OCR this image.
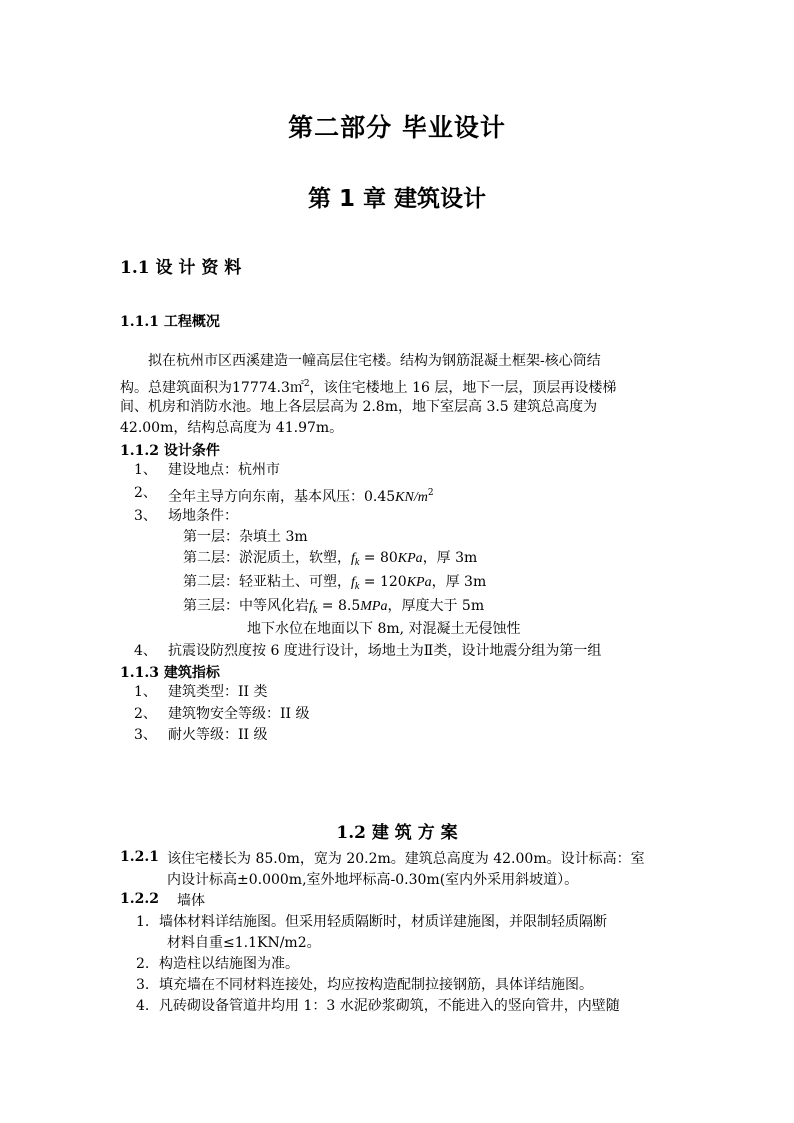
第二部分 毕业设计
第 1 章 建筑设计
1.1 设 计 资 料
1.1.1 工程概况
拟在杭州市区西溪建造一幢高层住宅楼。结构为钢筋混凝土框架-核心筒结
构。总建筑面积为17774.3㎡$^2$，该住宅楼地上 16 层，地下一层，顶层再设楼梯
间、机房和消防水池。地上各层层高为 2.8m，地下室层高 3.5 建筑总高度为
42.00m，结构总高度为 41.97m。
1.1.2 设计条件
1、 建设地点：杭州市
2、 全年主导方向东南，基本风压：$0.45KN/m^2$
3、 场地条件：
第一层：杂填土 3m
第二层：淤泥质土，软塑，$f_k = 80KPa$，厚 3m
第二层：轻亚粘土、可塑，$f_k = 120KPa$，厚 3m
第三层：中等风化岩$f_k = 8.5MPa$，厚度大于 5m
地下水位在地面以下 8m, 对混凝土无侵蚀性
4、 抗震设防烈度按 6 度进行设计，场地土为Ⅱ类，设计地震分组为第一组
1.1.3 建筑指标
1、 建筑类型：II 类
2、 建筑物安全等级：II 级
3、 耐火等级：II 级
1.2 建 筑 方 案
1.2.1 该住宅楼长为 85.0m，宽为 20.2m。建筑总高度为 42.00m。设计标高：室
内设计标高±0.000m,室外地坪标高-0.30m(室内外采用斜坡道）。
1.2.2 墙体
1. 墙体材料详结施图。但采用轻质隔断时，材质详建施图，并限制轻质隔断
材料自重≤1.1KN/m2。
2. 构造柱以结施图为准。
3. 填充墙在不同材料连接处，均应按构造配制拉接钢筋，具体详结施图。
4. 凡砖砌设备管道井均用 1：3 水泥砂浆砌筑，不能进入的竖向管井，内壁随
